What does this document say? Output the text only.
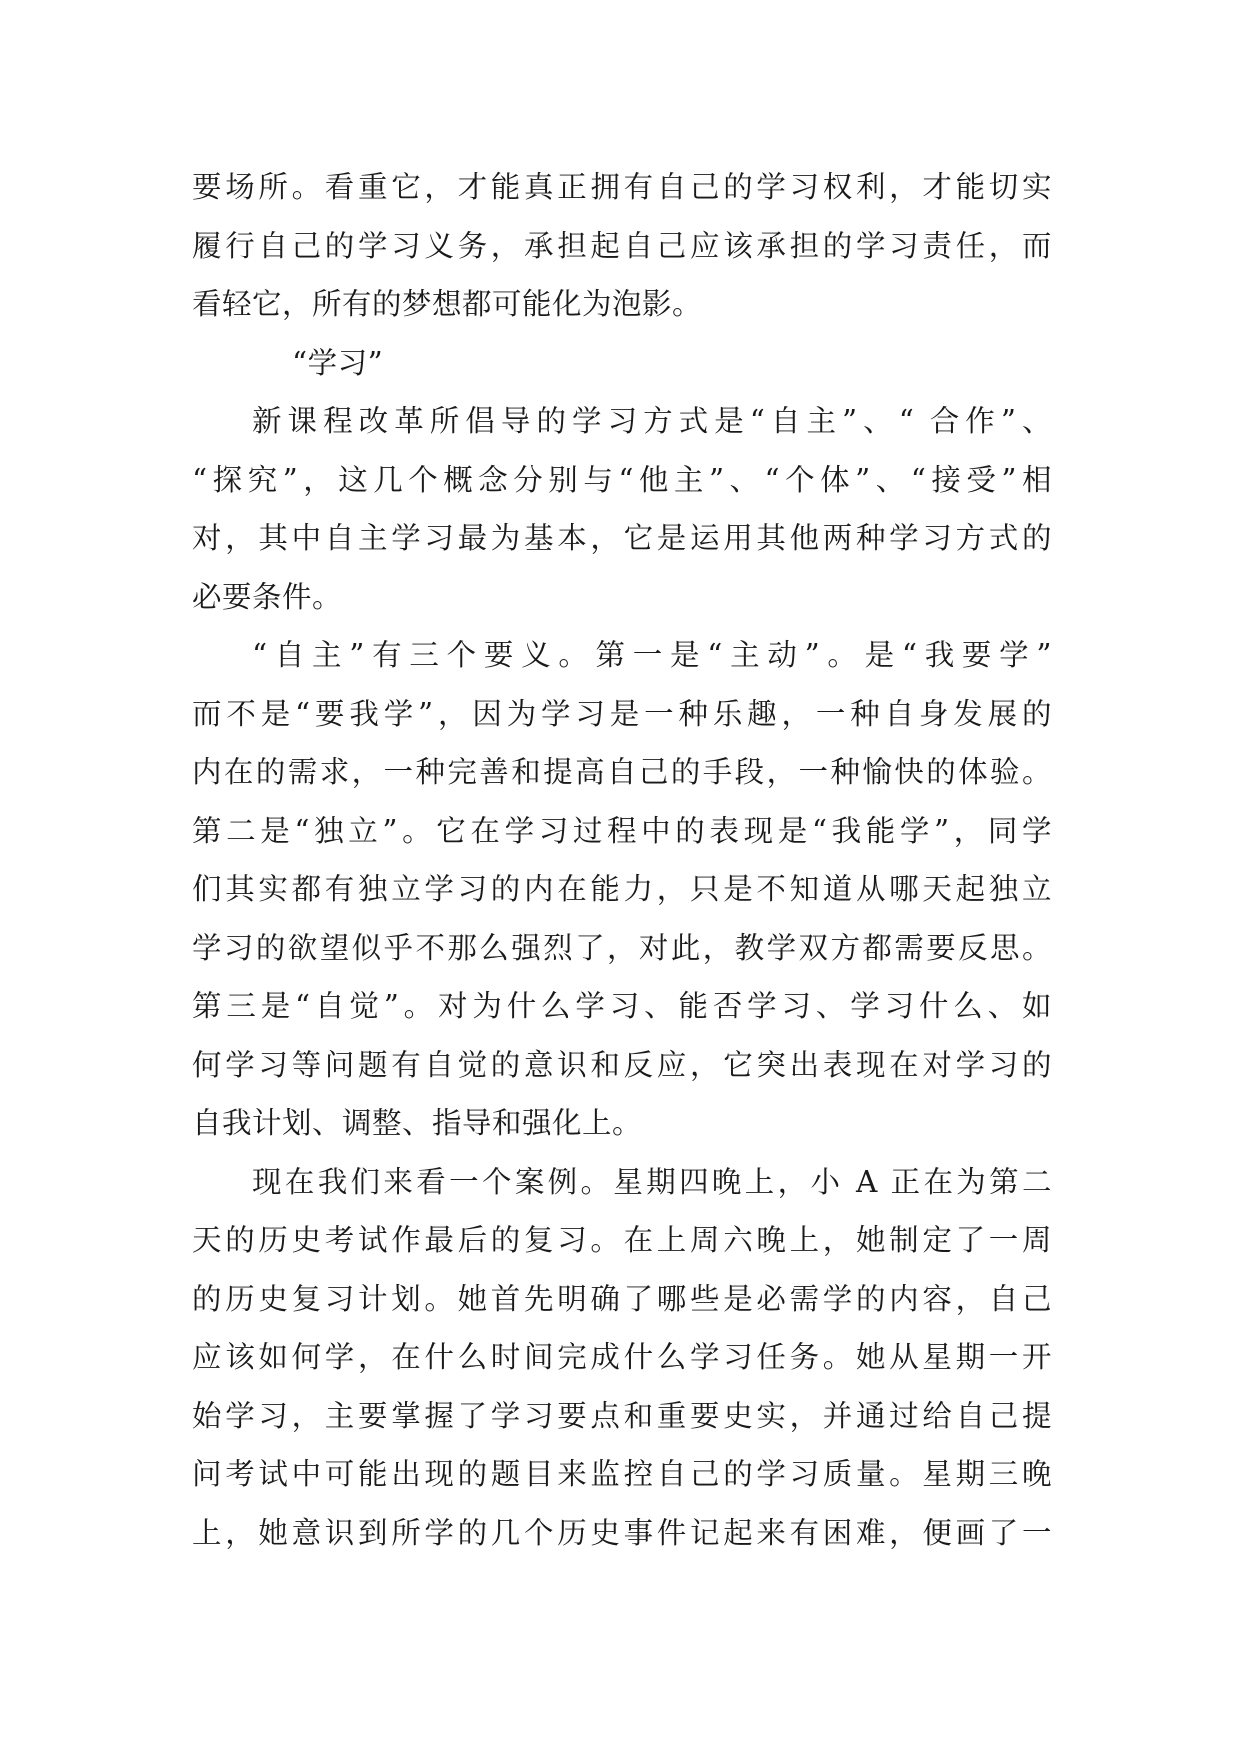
要场所。看重它，才能真正拥有自己的学习权利，才能切实
履行自己的学习义务，承担起自己应该承担的学习责任，而
看轻它，所有的梦想都可能化为泡影。
“学习”
新课程改革所倡导的学习方式是“自主”、“ 合作”、
“探究”，这几个概念分别与“他主”、“个体”、“接受”相
对，其中自主学习最为基本，它是运用其他两种学习方式的
必要条件。
“自主”有三个要义。第一是“主动”。是“我要学”
而不是“要我学”，因为学习是一种乐趣，一种自身发展的
内在的需求，一种完善和提高自己的手段，一种愉快的体验。
第二是“独立”。它在学习过程中的表现是“我能学”，同学
们其实都有独立学习的内在能力，只是不知道从哪天起独立
学习的欲望似乎不那么强烈了，对此，教学双方都需要反思。
第三是“自觉”。对为什么学习、能否学习、学习什么、如
何学习等问题有自觉的意识和反应，它突出表现在对学习的
自我计划、调整、指导和强化上。
现在我们来看一个案例。星期四晚上，小 A 正在为第二
天的历史考试作最后的复习。在上周六晚上，她制定了一周
的历史复习计划。她首先明确了哪些是必需学的内容，自己
应该如何学，在什么时间完成什么学习任务。她从星期一开
始学习，主要掌握了学习要点和重要史实，并通过给自己提
问考试中可能出现的题目来监控自己的学习质量。星期三晚
上，她意识到所学的几个历史事件记起来有困难，便画了一
